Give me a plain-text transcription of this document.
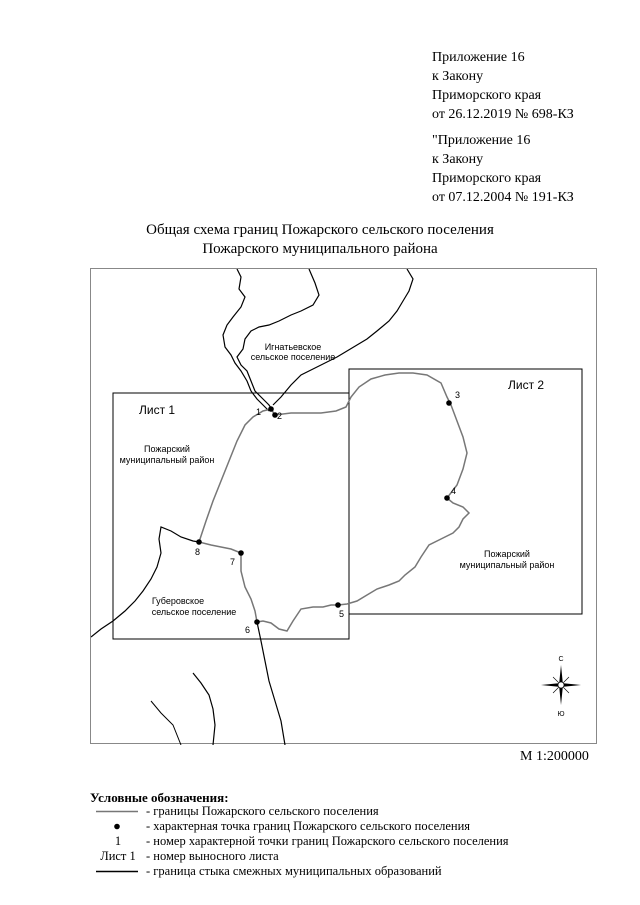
Приложение 16
к Закону
Приморского края
от 26.12.2019 № 698-КЗ
"Приложение 16
к Закону
Приморского края
от 07.12.2004 № 191-КЗ
Общая схема границ Пожарского сельского поселения
Пожарского муниципального района
1 2
3
4
5
6
7
8
Лист 1
Лист 2
Игнатьевское
сельское поселение
Пожарский
муниципальный район
Губеровское
сельское поселение
Пожарский
муниципальный район
С
Ю
М 1:200000
Условные обозначения:
- границы Пожарского сельского поселения
- характерная точка границ Пожарского сельского поселения
1	- номер характерной точки границ Пожарского сельского поселения
Лист 1 - номер выносного листа
- граница стыка смежных муниципальных образований
